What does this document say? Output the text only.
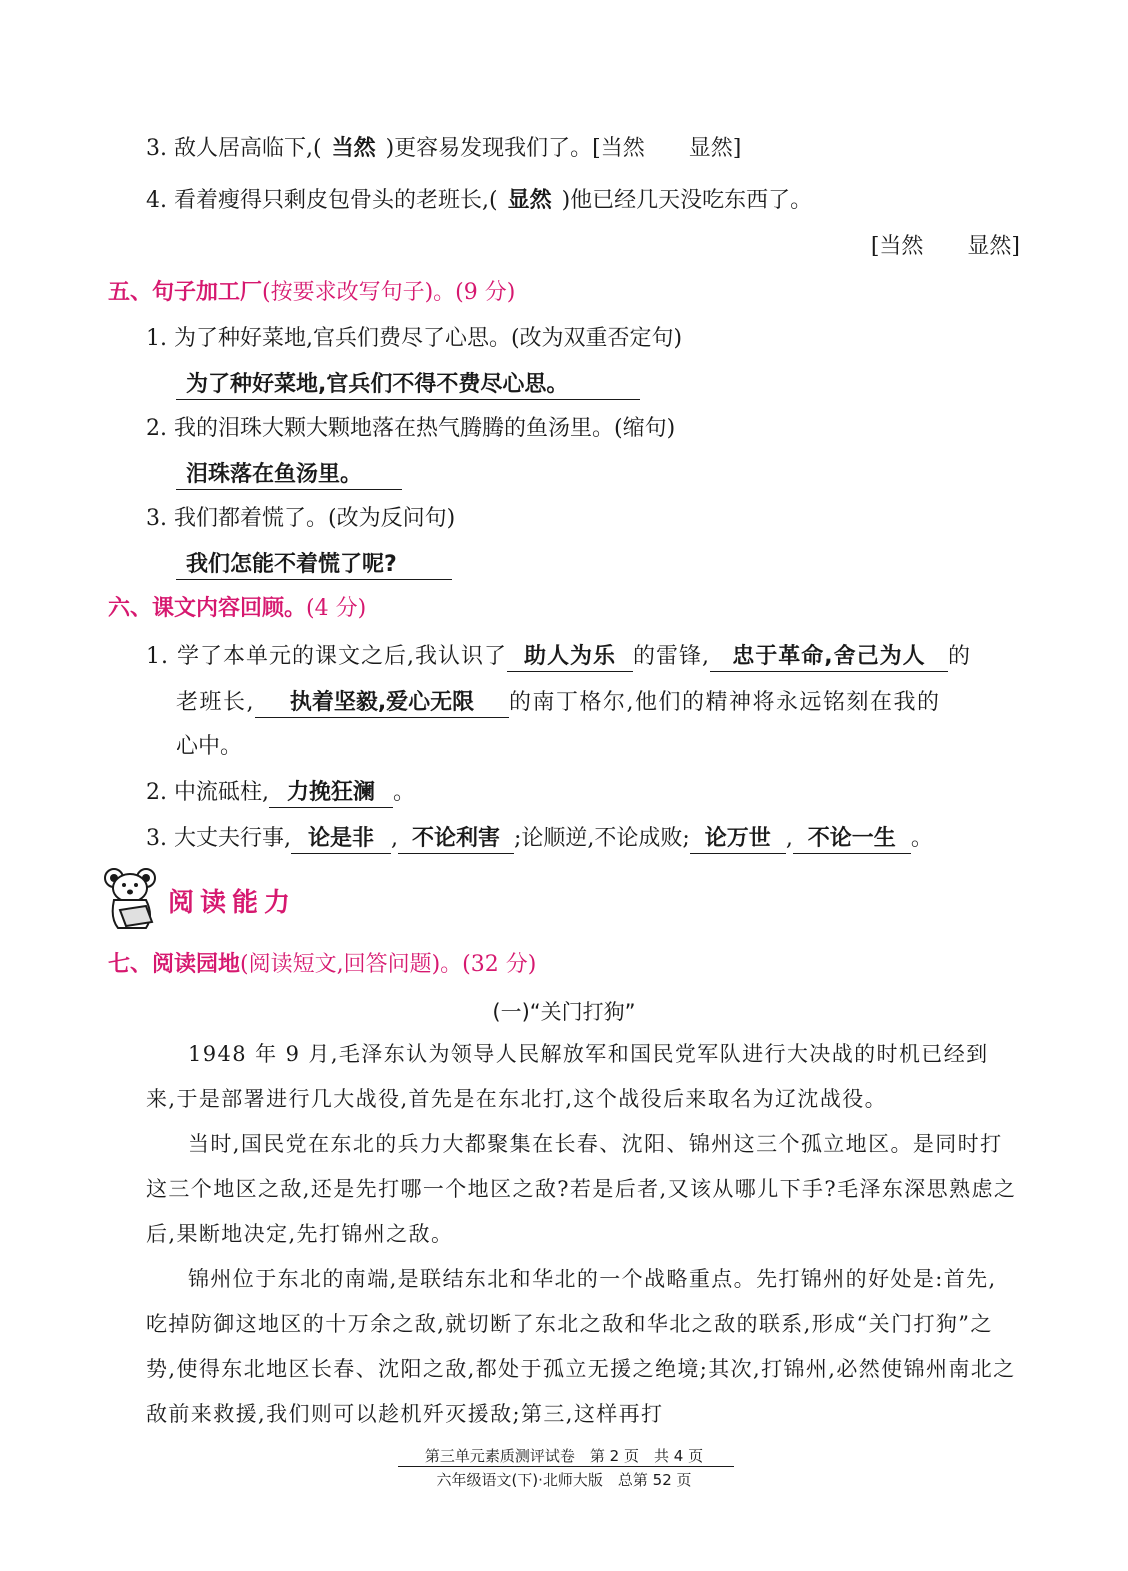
3. 敌人居高临下,( 当然 )更容易发现我们了。[当然　　显然]
4. 看着瘦得只剩皮包骨头的老班长,( 显然 )他已经几天没吃东西了。
[当然　　显然]
五、句子加工厂(按要求改写句子)。(9 分)
1. 为了种好菜地,官兵们费尽了心思。(改为双重否定句)
为了种好菜地,官兵们不得不费尽心思。
2. 我的泪珠大颗大颗地落在热气腾腾的鱼汤里。(缩句)
泪珠落在鱼汤里。
3. 我们都着慌了。(改为反问句)
我们怎能不着慌了呢?
六、课文内容回顾。(4 分)
1. 学了本单元的课文之后,我认识了 助人为乐 的雷锋, 忠于革命,舍己为人 的
老班长, 执着坚毅,爱心无限 的南丁格尔,他们的精神将永远铭刻在我的
心中。
2. 中流砥柱, 力挽狂澜 。
3. 大丈夫行事, 论是非 , 不论利害 ;论顺逆,不论成败; 论万世 , 不论一生 。
阅读能力
七、阅读园地(阅读短文,回答问题)。(32 分)
(一)“关门打狗”

1948 年 9 月,毛泽东认为领导人民解放军和国民党军队进行大决战的时机已经到来,于是部署进行几大战役,首先是在东北打,这个战役后来取名为辽沈战役。

当时,国民党在东北的兵力大都聚集在长春、沈阳、锦州这三个孤立地区。是同时打这三个地区之敌,还是先打哪一个地区之敌?若是后者,又该从哪儿下手?毛泽东深思熟虑之后,果断地决定,先打锦州之敌。

锦州位于东北的南端,是联结东北和华北的一个战略重点。先打锦州的好处是:首先,吃掉防御这地区的十万余之敌,就切断了东北之敌和华北之敌的联系,形成“关门打狗”之势,使得东北地区长春、沈阳之敌,都处于孤立无援之绝境;其次,打锦州,必然使锦州南北之敌前来救援,我们则可以趁机歼灭援敌;第三,这样再打

第三单元素质测评试卷　第 2 页　共 4 页
六年级语文(下)·北师大版　总第 52 页
